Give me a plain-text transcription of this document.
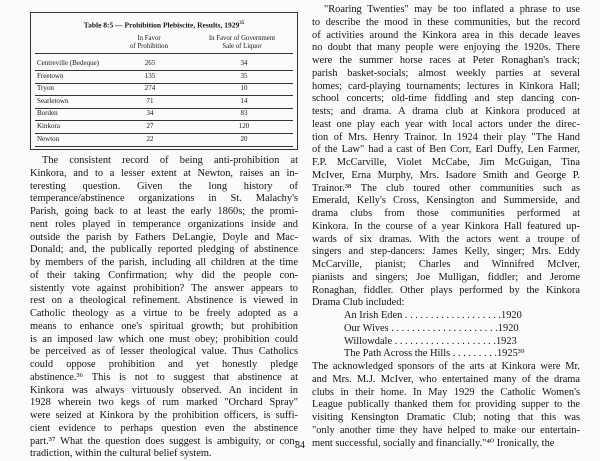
Table 8:5 — Prohibition Plebiscite, Results, 1929$^{35}$
In Favor
of Prohibition
In Favor of Government
Sale of Liquor
Centreville (Bedeque)	265	34
Freetown	135	35
Tryon	274	10
Searletown	71	14
Borden	34	83
Kinkora	27	120
Newton	22	20
The consistent record of being anti-prohibition at
Kinkora, and to a lesser extent at Newton, raises an in-
teresting question. Given the long history of
temperance/abstinence organizations in St. Malachy's
Parish, going back to at least the early 1860s; the promi-
nent roles played in temperance organizations inside and
outside the parish by Fathers DeLangie, Doyle and Mac-
Donald; and, the publically reported pledging of abstinence
by members of the parish, including all children at the time
of their taking Confirmation; why did the people con-
sistently vote against prohibition? The answer appears to
rest on a theological refinement. Abstinence is viewed in
Catholic theology as a virtue to be freely adopted as a
means to enhance one's spiritual growth; but prohibition
is an imposed law which one must obey; prohibition could
be perceived as of lesser theological value. Thus Catholics
could oppose prohibition and yet honestly pledge
abstinence.³⁶ This is not to suggest that abstinence at
Kinkora was always virtuously observed. An incident in
1928 wherein two kegs of rum marked "Orchard Spray"
were seized at Kinkora by the prohibition officers, is suffi-
cient evidence to perhaps question even the abstinence
part.³⁷ What the question does suggest is ambiguity, or con-
tradiction, within the cultural belief system.
"Roaring Twenties" may be too inflated a phrase to use
to describe the mood in these communities, but the record
of activities around the Kinkora area in this decade leaves
no doubt that many people were enjoying the 1920s. There
were the summer horse races at Peter Ronaghan's track;
parish basket-socials; almost weekly parties at several
homes; card-playing tournaments; lectures in Kinkora Hall;
school concerts; old-time fiddling and step dancing con-
tests; and drama. A drama club at Kinkora produced at
least one play each year with local actors under the direc-
tion of Mrs. Henry Trainor. In 1924 their play "The Hand
of the Law" had a cast of Ben Corr, Earl Duffy, Len Farmer,
F.P. McCarville, Violet McCabe, Jim McGuigan, Tina
McIver, Erna Murphy, Mrs. Isadore Smith and George P.
Trainor.³⁸ The club toured other communities such as
Emerald, Kelly's Cross, Kensington and Summerside, and
drama clubs from those communities performed at
Kinkora. In the course of a year Kinkora Hall featured up-
wards of six dramas. With the actors went a troupe of
singers and step-dancers: James Kelly, singer; Mrs. Eddy
McCarville, pianist; Charles and Winnifred McIver,
pianists and singers; Joe Mulligan, fiddler; and Jerome
Ronaghan, fiddler. Other plays performed by the Kinkora
Drama Club included:
An Irish Eden . . . . . . . . . . . . . . . . . . .1920
Our Wives . . . . . . . . . . . . . . . . . . . . .1920
Willowdale . . . . . . . . . . . . . . . . . . . .1923
The Path Across the Hills . . . . . . . . .1925³⁹
The acknowledged sponsors of the arts at Kinkora were Mr.
and Mrs. M.J. McIver, who entertained many of the drama
clubs in their home. In May 1929 the Catholic Women's
League publically thanked them for providing supper to the
visiting Kensington Dramatic Club; noting that this was
"only another time they have helped to make our entertain-
ment successful, socially and financially."⁴⁰ Ironically, the
84
